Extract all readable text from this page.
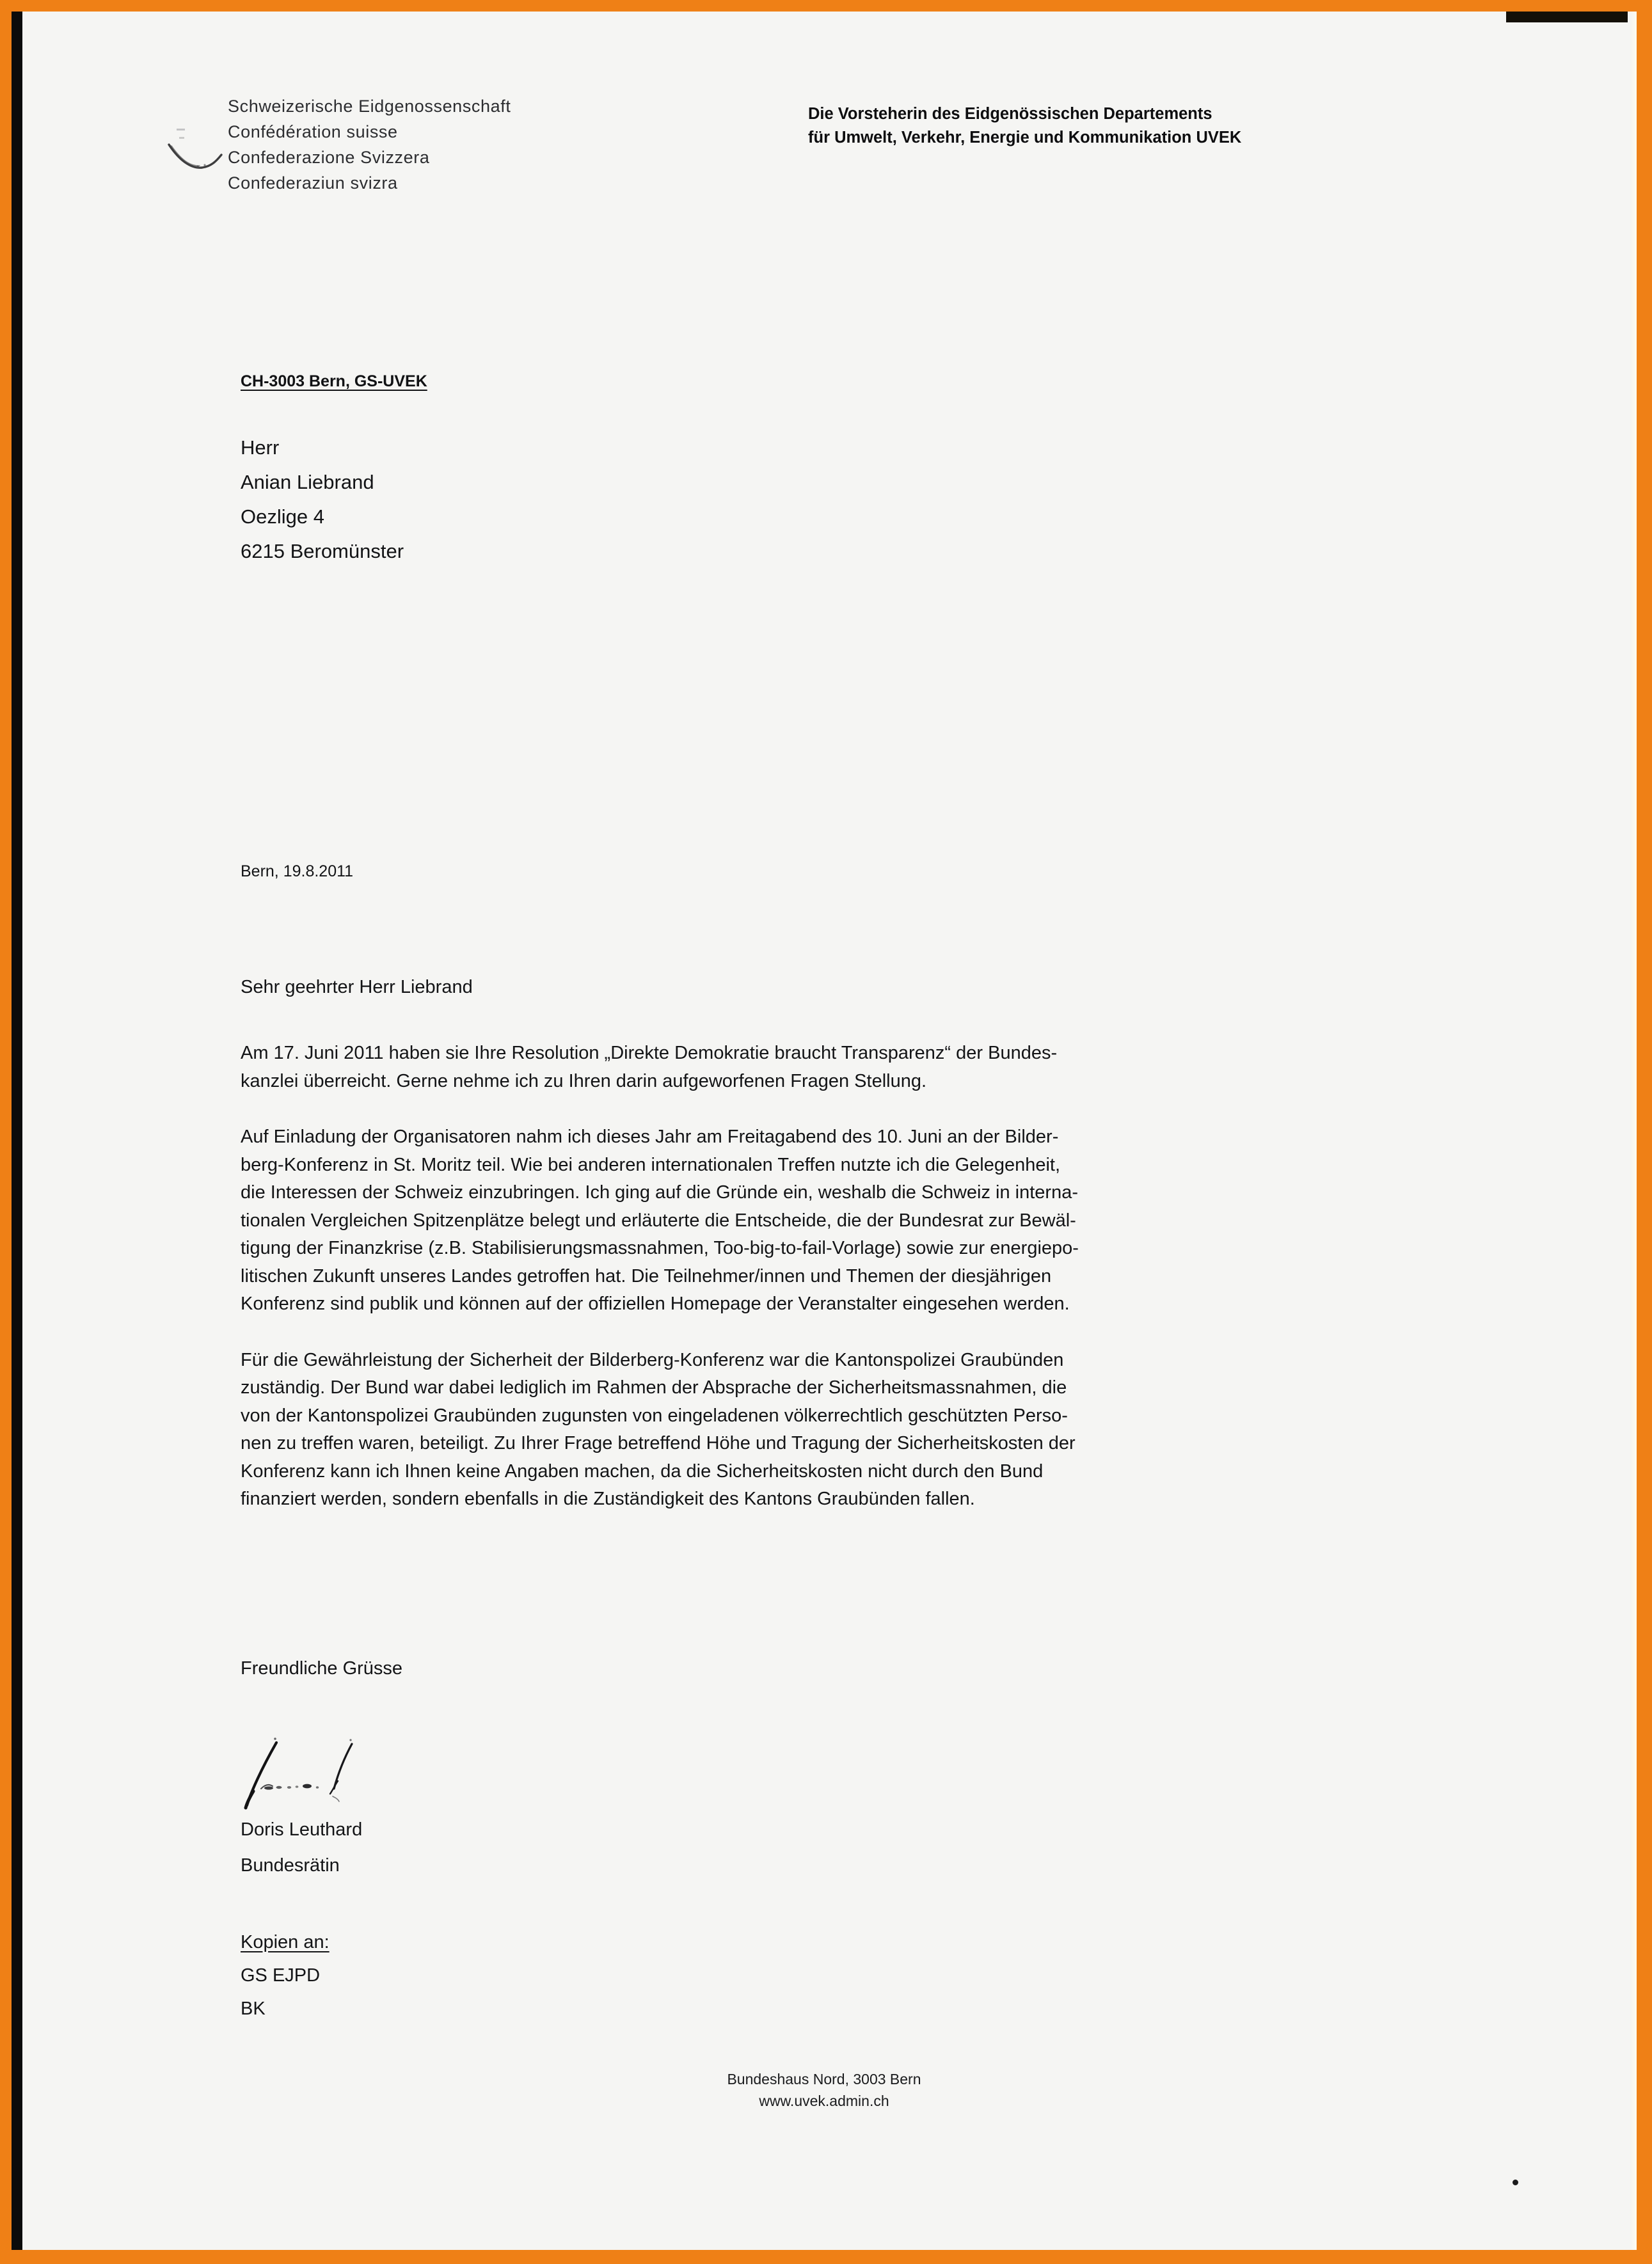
Schweizerische Eidgenossenschaft
Confédération suisse
Confederazione Svizzera
Confederaziun svizra
Die Vorsteherin des Eidgenössischen Departements
für Umwelt, Verkehr, Energie und Kommunikation UVEK
CH-3003 Bern, GS-UVEK
Herr
Anian Liebrand
Oezlige 4
6215 Beromünster
Bern, 19.8.2011

Sehr geehrter Herr Liebrand

Am 17. Juni 2011 haben sie Ihre Resolution „Direkte Demokratie braucht Transparenz“ der Bundes-
kanzlei überreicht. Gerne nehme ich zu Ihren darin aufgeworfenen Fragen Stellung.

Auf Einladung der Organisatoren nahm ich dieses Jahr am Freitagabend des 10. Juni an der Bilder-
berg-Konferenz in St. Moritz teil. Wie bei anderen internationalen Treffen nutzte ich die Gelegenheit,
die Interessen der Schweiz einzubringen. Ich ging auf die Gründe ein, weshalb die Schweiz in interna-
tionalen Vergleichen Spitzenplätze belegt und erläuterte die Entscheide, die der Bundesrat zur Bewäl-
tigung der Finanzkrise (z.B. Stabilisierungsmassnahmen, Too-big-to-fail-Vorlage) sowie zur energiepo-
litischen Zukunft unseres Landes getroffen hat. Die Teilnehmer/innen und Themen der diesjährigen
Konferenz sind publik und können auf der offiziellen Homepage der Veranstalter eingesehen werden.

Für die Gewährleistung der Sicherheit der Bilderberg-Konferenz war die Kantonspolizei Graubünden
zuständig. Der Bund war dabei lediglich im Rahmen der Absprache der Sicherheitsmassnahmen, die
von der Kantonspolizei Graubünden zugunsten von eingeladenen völkerrechtlich geschützten Perso-
nen zu treffen waren, beteiligt. Zu Ihrer Frage betreffend Höhe und Tragung der Sicherheitskosten der
Konferenz kann ich Ihnen keine Angaben machen, da die Sicherheitskosten nicht durch den Bund
finanziert werden, sondern ebenfalls in die Zuständigkeit des Kantons Graubünden fallen.

Freundliche Grüsse
Doris Leuthard
Bundesrätin
Kopien an:
GS EJPD
BK
Bundeshaus Nord, 3003 Bern
www.uvek.admin.ch
